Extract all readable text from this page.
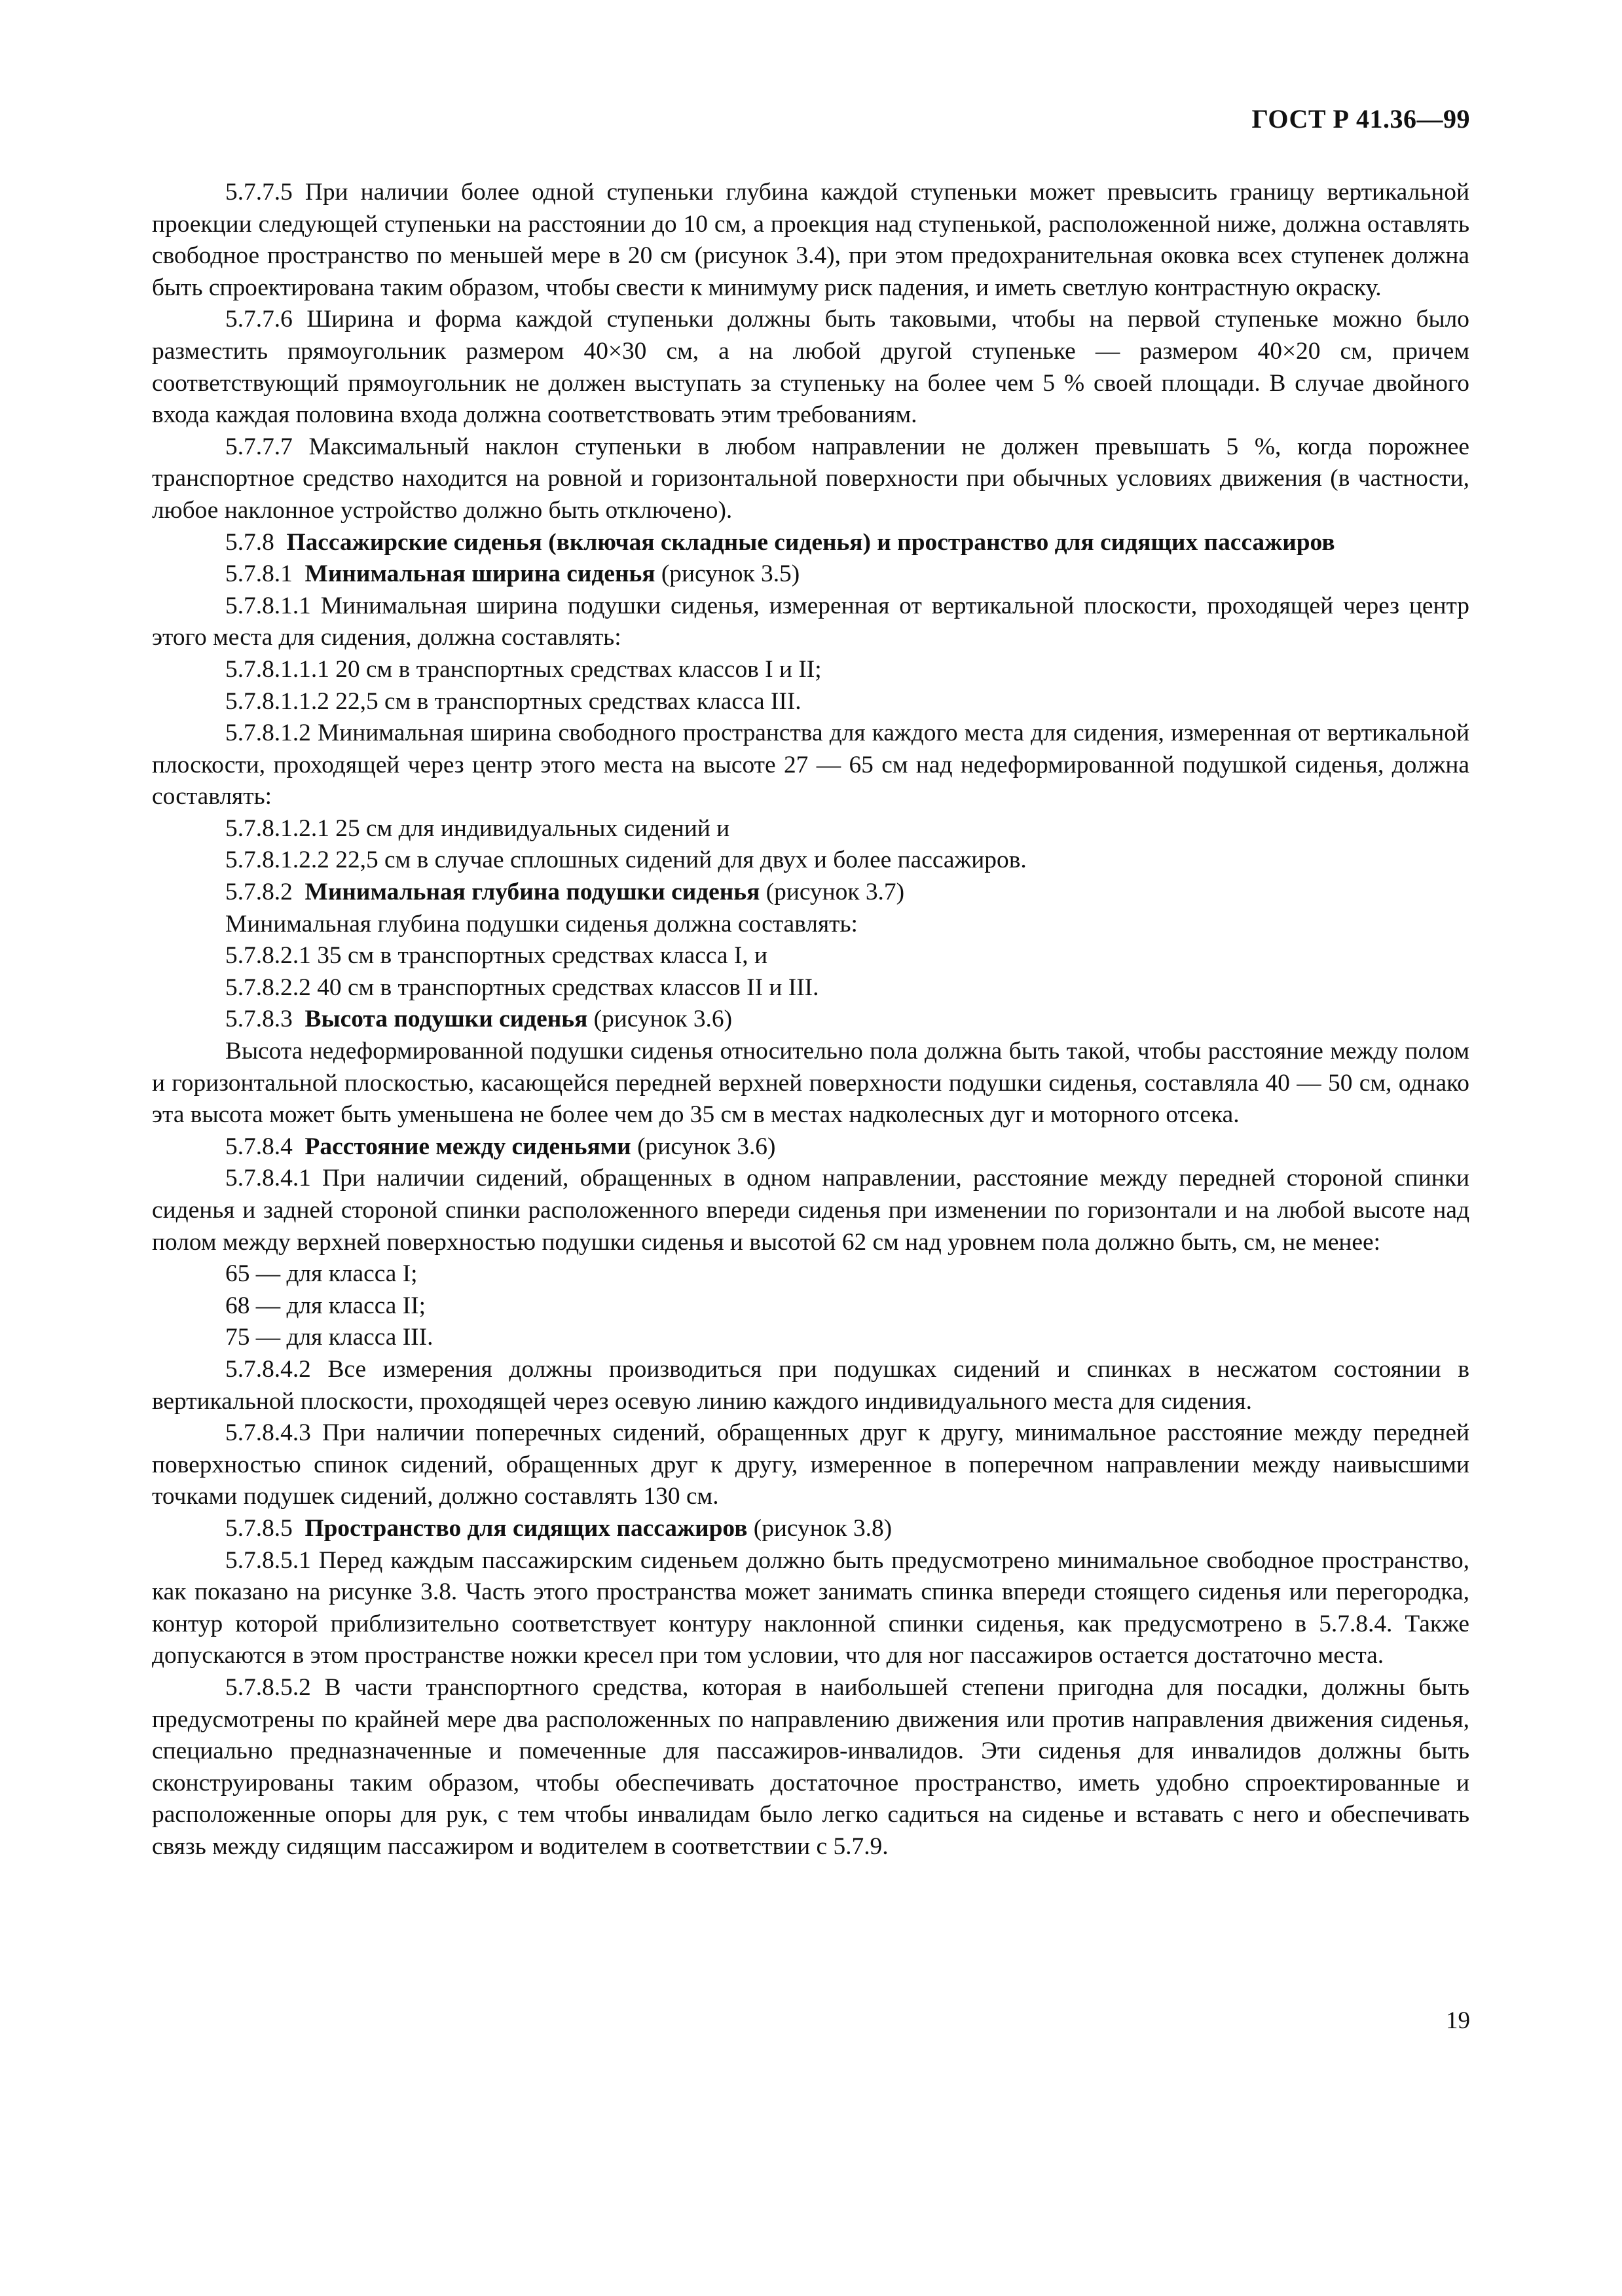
ГОСТ Р 41.36—99

5.7.7.5 При наличии более одной ступеньки глубина каждой ступеньки может превысить границу вертикальной проекции следующей ступеньки на расстоянии до 10 см, а проекция над ступенькой, расположенной ниже, должна оставлять свободное пространство по меньшей мере в 20 см (рисунок 3.4), при этом предохранительная оковка всех ступенек должна быть спроектирована таким образом, чтобы свести к минимуму риск падения, и иметь светлую контрастную окраску.

5.7.7.6 Ширина и форма каждой ступеньки должны быть таковыми, чтобы на первой ступеньке можно было разместить прямоугольник размером 40×30 см, а на любой другой ступеньке — размером 40×20 см, причем соответствующий прямоугольник не должен выступать за ступеньку на более чем 5 % своей площади. В случае двойного входа каждая половина входа должна соответствовать этим требованиям.

5.7.7.7 Максимальный наклон ступеньки в любом направлении не должен превышать 5 %, когда порожнее транспортное средство находится на ровной и горизонтальной поверхности при обычных условиях движения (в частности, любое наклонное устройство должно быть отключено).

5.7.8 Пассажирские сиденья (включая складные сиденья) и пространство для сидящих пассажиров

5.7.8.1 Минимальная ширина сиденья (рисунок 3.5)

5.7.8.1.1 Минимальная ширина подушки сиденья, измеренная от вертикальной плоскости, проходящей через центр этого места для сидения, должна составлять:

5.7.8.1.1.1 20 см в транспортных средствах классов I и II;

5.7.8.1.1.2 22,5 см в транспортных средствах класса III.

5.7.8.1.2 Минимальная ширина свободного пространства для каждого места для сидения, измеренная от вертикальной плоскости, проходящей через центр этого места на высоте 27 — 65 см над недеформированной подушкой сиденья, должна составлять:

5.7.8.1.2.1 25 см для индивидуальных сидений и

5.7.8.1.2.2 22,5 см в случае сплошных сидений для двух и более пассажиров.

5.7.8.2 Минимальная глубина подушки сиденья (рисунок 3.7)

Минимальная глубина подушки сиденья должна составлять:

5.7.8.2.1 35 см в транспортных средствах класса I, и

5.7.8.2.2 40 см в транспортных средствах классов II и III.

5.7.8.3 Высота подушки сиденья (рисунок 3.6)

Высота недеформированной подушки сиденья относительно пола должна быть такой, чтобы расстояние между полом и горизонтальной плоскостью, касающейся передней верхней поверхности подушки сиденья, составляла 40 — 50 см, однако эта высота может быть уменьшена не более чем до 35 см в местах надколесных дуг и моторного отсека.

5.7.8.4 Расстояние между сиденьями (рисунок 3.6)

5.7.8.4.1 При наличии сидений, обращенных в одном направлении, расстояние между передней стороной спинки сиденья и задней стороной спинки расположенного впереди сиденья при изменении по горизонтали и на любой высоте над полом между верхней поверхностью подушки сиденья и высотой 62 см над уровнем пола должно быть, см, не менее:

65 — для класса I;

68 — для класса II;

75 — для класса III.

5.7.8.4.2 Все измерения должны производиться при подушках сидений и спинках в несжатом состоянии в вертикальной плоскости, проходящей через осевую линию каждого индивидуального места для сидения.

5.7.8.4.3 При наличии поперечных сидений, обращенных друг к другу, минимальное расстояние между передней поверхностью спинок сидений, обращенных друг к другу, измеренное в поперечном направлении между наивысшими точками подушек сидений, должно составлять 130 см.

5.7.8.5 Пространство для сидящих пассажиров (рисунок 3.8)

5.7.8.5.1 Перед каждым пассажирским сиденьем должно быть предусмотрено минимальное свободное пространство, как показано на рисунке 3.8. Часть этого пространства может занимать спинка впереди стоящего сиденья или перегородка, контур которой приблизительно соответствует контуру наклонной спинки сиденья, как предусмотрено в 5.7.8.4. Также допускаются в этом пространстве ножки кресел при том условии, что для ног пассажиров остается достаточно места.

5.7.8.5.2 В части транспортного средства, которая в наибольшей степени пригодна для посадки, должны быть предусмотрены по крайней мере два расположенных по направлению движения или против направления движения сиденья, специально предназначенные и помеченные для пассажиров-инвалидов. Эти сиденья для инвалидов должны быть сконструированы таким образом, чтобы обеспечивать достаточное пространство, иметь удобно спроектированные и расположенные опоры для рук, с тем чтобы инвалидам было легко садиться на сиденье и вставать с него и обеспечивать связь между сидящим пассажиром и водителем в соответствии с 5.7.9.

19
